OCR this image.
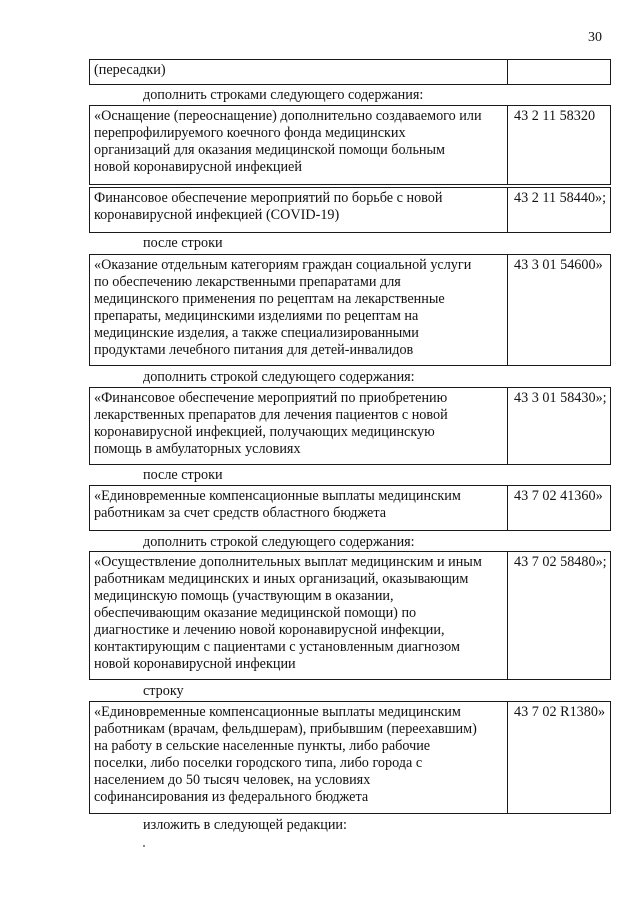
30
(пересадки)
дополнить строками следующего содержания:
«Оснащение (переоснащение) дополнительно создаваемого или
перепрофилируемого коечного фонда медицинских
организаций для оказания медицинской помощи больным
новой коронавирусной инфекцией
43 2 11 58320
Финансовое обеспечение мероприятий по борьбе с новой
коронавирусной инфекцией (COVID-19)
43 2 11 58440»;
после строки
«Оказание отдельным категориям граждан социальной услуги
по обеспечению лекарственными препаратами для
медицинского применения по рецептам на лекарственные
препараты, медицинскими изделиями по рецептам на
медицинские изделия, а также специализированными
продуктами лечебного питания для детей-инвалидов
43 3 01 54600»
дополнить строкой следующего содержания:
«Финансовое обеспечение мероприятий по приобретению
лекарственных препаратов для лечения пациентов с новой
коронавирусной инфекцией, получающих медицинскую
помощь в амбулаторных условиях
43 3 01 58430»;
после строки
«Единовременные компенсационные выплаты медицинским
работникам за счет средств областного бюджета
43 7 02 41360»
дополнить строкой следующего содержания:
«Осуществление дополнительных выплат медицинским и иным
работникам медицинских и иных организаций, оказывающим
медицинскую помощь (участвующим в оказании,
обеспечивающим оказание медицинской помощи) по
диагностике и лечению новой коронавирусной инфекции,
контактирующим с пациентами с установленным диагнозом
новой коронавирусной инфекции
43 7 02 58480»;
строку
«Единовременные компенсационные выплаты медицинским
работникам (врачам, фельдшерам), прибывшим (переехавшим)
на работу в сельские населенные пункты, либо рабочие
поселки, либо поселки городского типа, либо города с
населением до 50 тысяч человек, на условиях
софинансирования из федерального бюджета
43 7 02 R1380»
изложить в следующей редакции:
